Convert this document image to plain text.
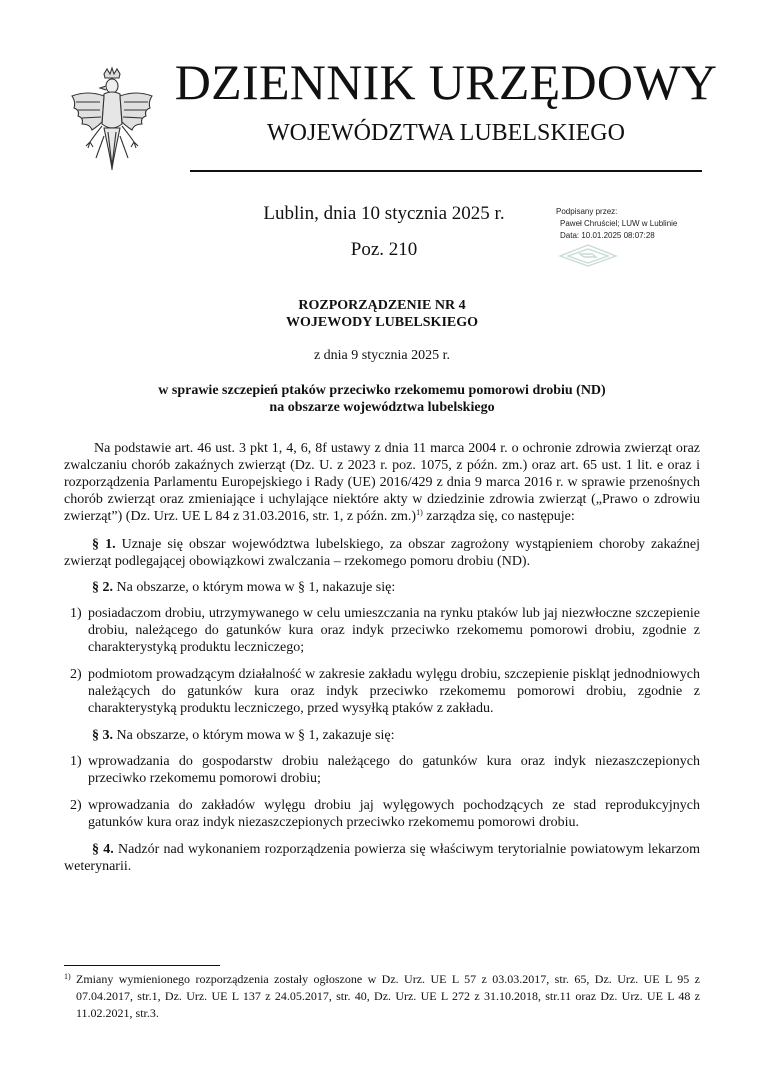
DZIENNIK URZĘDOWY
WOJEWÓDZTWA LUBELSKIEGO
Lublin, dnia 10 stycznia 2025 r.
Poz. 210
Podpisany przez:
Paweł Chruściel; LUW w Lublinie
Data: 10.01.2025 08:07:28
ROZPORZĄDZENIE NR 4
WOJEWODY LUBELSKIEGO
z dnia 9 stycznia 2025 r.
w sprawie szczepień ptaków przeciwko rzekomemu pomorowi drobiu (ND)
na obszarze województwa lubelskiego

Na podstawie art. 46 ust. 3 pkt 1, 4, 6, 8f ustawy z dnia 11 marca 2004 r. o ochronie zdrowia zwierząt oraz zwalczaniu chorób zakaźnych zwierząt (Dz. U. z 2023 r. poz. 1075, z późn. zm.) oraz art. 65 ust. 1 lit. e oraz i rozporządzenia Parlamentu Europejskiego i Rady (UE) 2016/429 z dnia 9 marca 2016 r. w sprawie przenośnych chorób zwierząt oraz zmieniające i uchylające niektóre akty w dziedzinie zdrowia zwierząt („Prawo o zdrowiu zwierząt”) (Dz. Urz. UE L 84 z 31.03.2016, str. 1, z późn. zm.)$^{1)}$ zarządza się, co następuje:

§ 1. Uznaje się obszar województwa lubelskiego, za obszar zagrożony wystąpieniem choroby zakaźnej zwierząt podlegającej obowiązkowi zwalczania – rzekomego pomoru drobiu (ND).

§ 2. Na obszarze, o którym mowa w § 1, nakazuje się:

1) posiadaczom drobiu, utrzymywanego w celu umieszczania na rynku ptaków lub jaj niezwłoczne szczepienie drobiu, należącego do gatunków kura oraz indyk przeciwko rzekomemu pomorowi drobiu, zgodnie z charakterystyką produktu leczniczego;
2) podmiotom prowadzącym działalność w zakresie zakładu wylęgu drobiu, szczepienie piskląt jednodniowych należących do gatunków kura oraz indyk przeciwko rzekomemu pomorowi drobiu, zgodnie z charakterystyką produktu leczniczego, przed wysyłką ptaków z zakładu.

§ 3. Na obszarze, o którym mowa w § 1, zakazuje się:

1) wprowadzania do gospodarstw drobiu należącego do gatunków kura oraz indyk niezaszczepionych przeciwko rzekomemu pomorowi drobiu;
2) wprowadzania do zakładów wylęgu drobiu jaj wylęgowych pochodzących ze stad reprodukcyjnych gatunków kura oraz indyk niezaszczepionych przeciwko rzekomemu pomorowi drobiu.

§ 4. Nadzór nad wykonaniem rozporządzenia powierza się właściwym terytorialnie powiatowym lekarzom weterynarii.

1) Zmiany wymienionego rozporządzenia zostały ogłoszone w Dz. Urz. UE L 57 z 03.03.2017, str. 65, Dz. Urz. UE L 95 z 07.04.2017, str.1, Dz. Urz. UE L 137 z 24.05.2017, str. 40, Dz. Urz. UE L 272 z 31.10.2018, str.11 oraz Dz. Urz. UE L 48 z 11.02.2021, str.3.
